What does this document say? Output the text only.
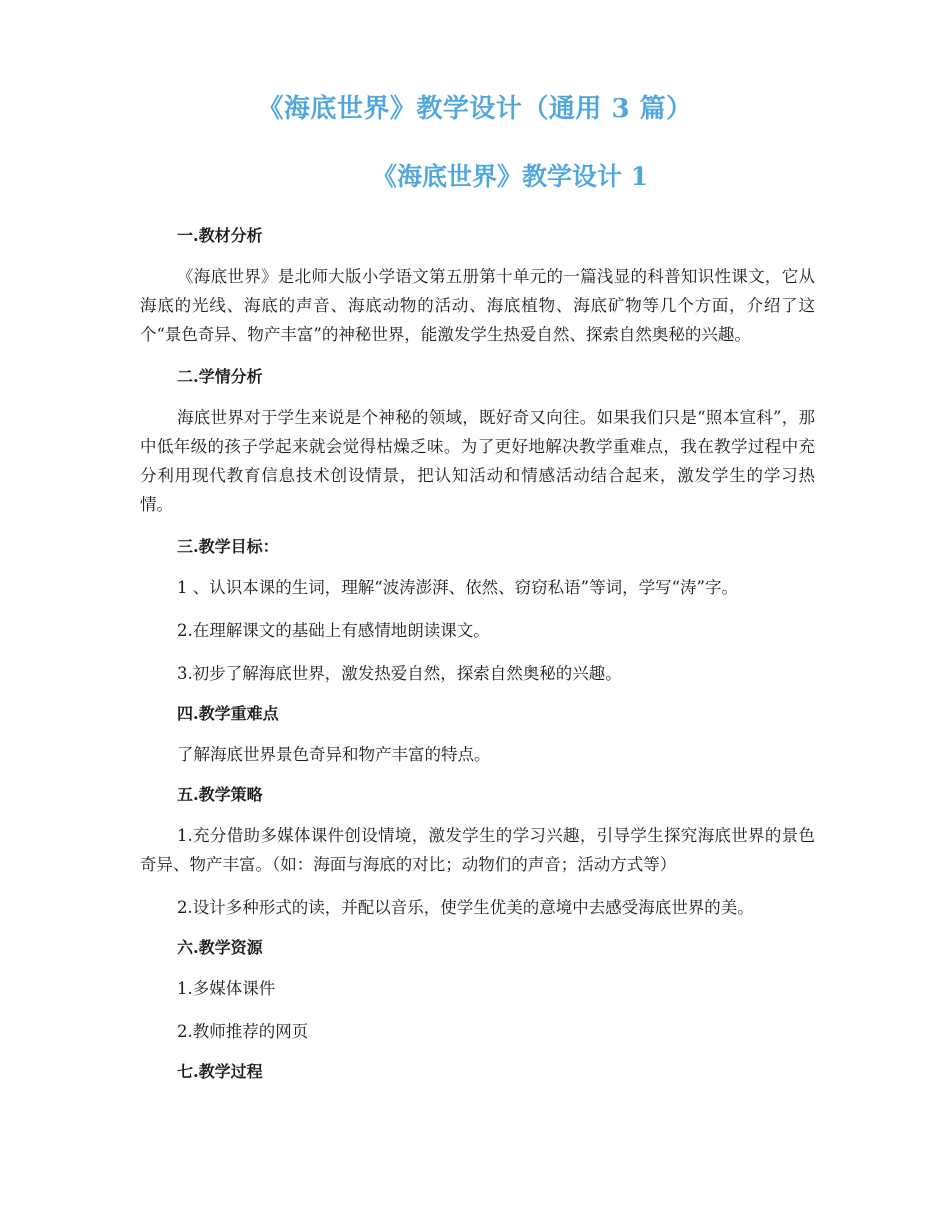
《海底世界》教学设计（通用 3 篇）
《海底世界》教学设计 1
一.教材分析

《海底世界》是北师大版小学语文第五册第十单元的一篇浅显的科普知识性课文，它从海底的光线、海底的声音、海底动物的活动、海底植物、海底矿物等几个方面，介绍了这个“景色奇异、物产丰富”的神秘世界，能激发学生热爱自然、探索自然奥秘的兴趣。

二.学情分析

海底世界对于学生来说是个神秘的领域，既好奇又向往。如果我们只是“照本宣科”，那中低年级的孩子学起来就会觉得枯燥乏味。为了更好地解决教学重难点，我在教学过程中充分利用现代教育信息技术创设情景，把认知活动和情感活动结合起来，激发学生的学习热情。

三.教学目标：

1 、认识本课的生词，理解“波涛澎湃、依然、窃窃私语”等词，学写“涛”字。

2.在理解课文的基础上有感情地朗读课文。

3.初步了解海底世界，激发热爱自然，探索自然奥秘的兴趣。

四.教学重难点

了解海底世界景色奇异和物产丰富的特点。

五.教学策略

1.充分借助多媒体课件创设情境，激发学生的学习兴趣，引导学生探究海底世界的景色奇异、物产丰富。（如：海面与海底的对比；动物们的声音；活动方式等）

2.设计多种形式的读，并配以音乐，使学生优美的意境中去感受海底世界的美。

六.教学资源

1.多媒体课件

2.教师推荐的网页

七.教学过程
